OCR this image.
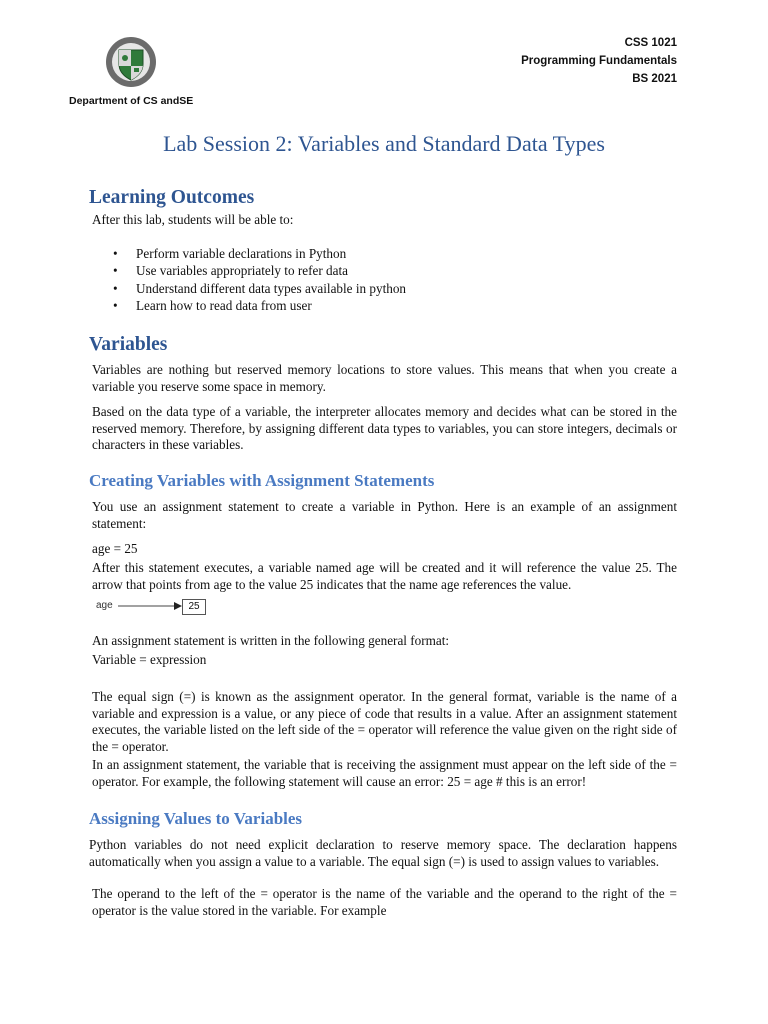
Department of CS andSE
CSS 1021
Programming Fundamentals
BS 2021
Lab Session 2: Variables and Standard Data Types
Learning Outcomes
After this lab, students will be able to:
• Perform variable declarations in Python
• Use variables appropriately to refer data
• Understand different data types available in python
• Learn how to read data from user
Variables
Variables are nothing but reserved memory locations to store values. This means that when you create a variable you reserve some space in memory.
Based on the data type of a variable, the interpreter allocates memory and decides what can be stored in the reserved memory. Therefore, by assigning different data types to variables, you can store integers, decimals or characters in these variables.
Creating Variables with Assignment Statements
You use an assignment statement to create a variable in Python. Here is an example of an assignment statement:
age = 25
After this statement executes, a variable named age will be created and it will reference the value 25. The arrow that points from age to the value 25 indicates that the name age references the value.
age	25
An assignment statement is written in the following general format:
Variable = expression
The equal sign (=) is known as the assignment operator. In the general format, variable is the name of a variable and expression is a value, or any piece of code that results in a value. After an assignment statement executes, the variable listed on the left side of the = operator will reference the value given on the right side of the = operator.
In an assignment statement, the variable that is receiving the assignment must appear on the left side of the = operator. For example, the following statement will cause an error: 25 = age # this is an error!
Assigning Values to Variables
Python variables do not need explicit declaration to reserve memory space. The declaration happens automatically when you assign a value to a variable. The equal sign (=) is used to assign values to variables.
The operand to the left of the = operator is the name of the variable and the operand to the right of the = operator is the value stored in the variable. For example
